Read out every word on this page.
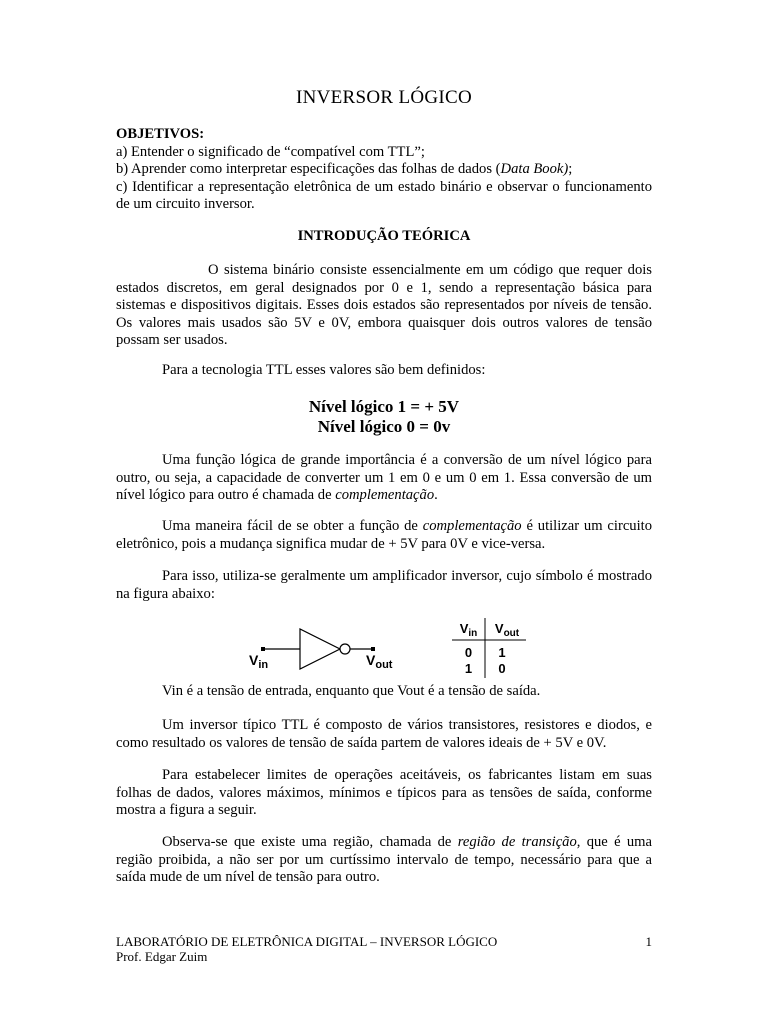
INVERSOR LÓGICO
OBJETIVOS:
a) Entender o significado de “compatível com TTL”;
b) Aprender como interpretar especificações das folhas de dados (Data Book);
c) Identificar a representação eletrônica de um estado binário e observar o funcionamento de um circuito inversor.
INTRODUÇÃO TEÓRICA
O sistema binário consiste essencialmente em um código que requer dois estados discretos, em geral designados por 0 e 1, sendo a representação básica para sistemas e dispositivos digitais. Esses dois estados são representados por níveis de tensão. Os valores mais usados são 5V e 0V, embora quaisquer dois outros valores de tensão possam ser usados.
Para a tecnologia TTL esses valores são bem definidos:
Nível lógico 1 = + 5V
Nível lógico 0 = 0v
Uma função lógica de grande importância é a conversão de um nível lógico para outro, ou seja, a capacidade de converter um 1 em 0 e um 0 em 1. Essa conversão de um nível lógico para outro é chamada de complementação.
Uma maneira fácil de se obter a função de complementação é utilizar um circuito eletrônico, pois a mudança significa mudar de + 5V para 0V e vice-versa.
Para isso, utiliza-se geralmente um amplificador inversor, cujo símbolo é mostrado na figura abaixo:
$V_{in}$	$V_{out}$
$V_{in}$	$V_{out}$
0	1
1	0
Vin é a tensão de entrada, enquanto que Vout é a tensão de saída.
Um inversor típico TTL é composto de vários transistores, resistores e diodos, e como resultado os valores de tensão de saída partem de valores ideais de + 5V e 0V.
Para estabelecer limites de operações aceitáveis, os fabricantes listam em suas folhas de dados, valores máximos, mínimos e típicos para as tensões de saída, conforme mostra a figura a seguir.
Observa-se que existe uma região, chamada de região de transição, que é uma região proibida, a não ser por um curtíssimo intervalo de tempo, necessário para que a saída mude de um nível de tensão para outro.
LABORATÓRIO DE ELETRÔNICA DIGITAL – INVERSOR LÓGICO
Prof. Edgar Zuim
1
